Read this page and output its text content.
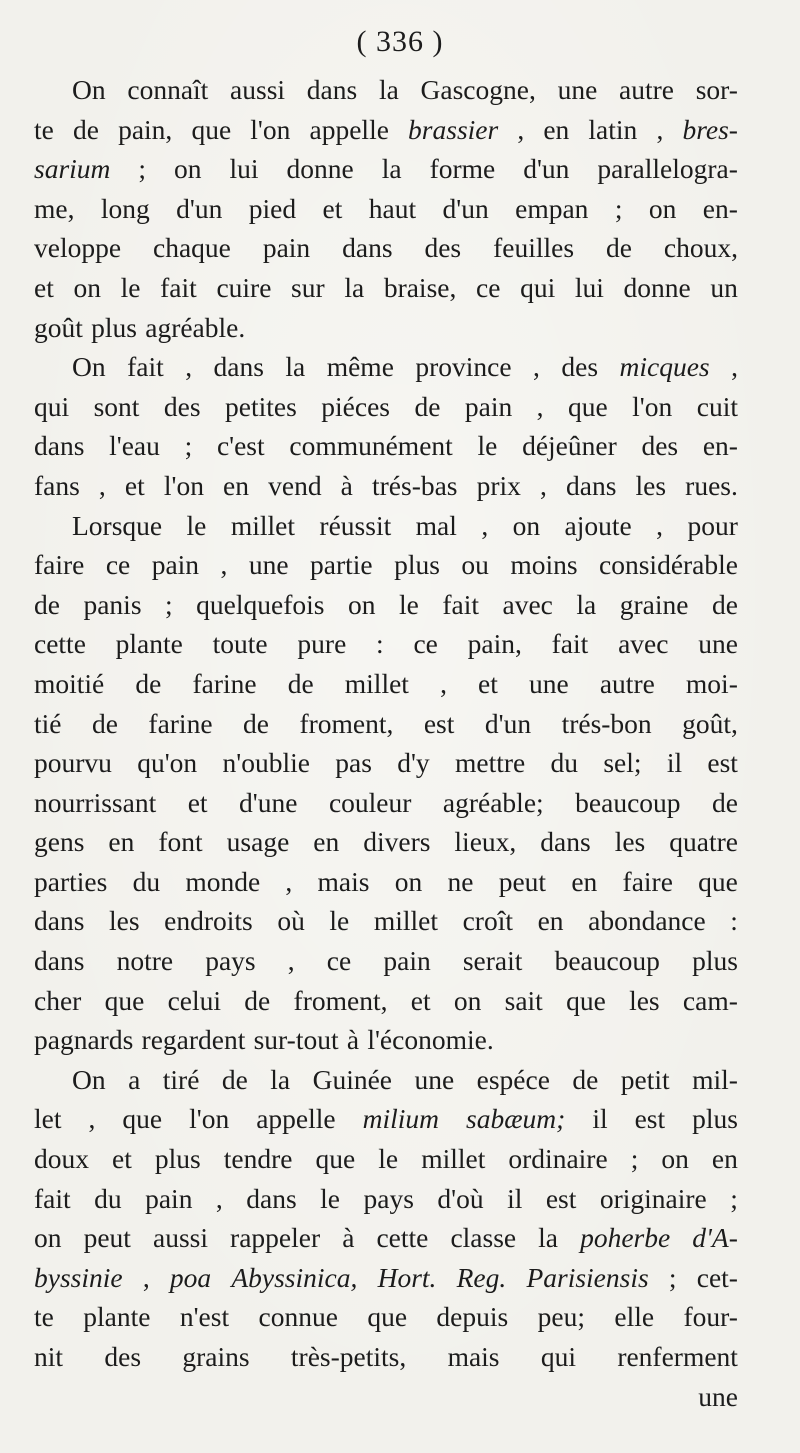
( 336 )
On connaît aussi dans la Gascogne, une autre sor-
te de pain, que l'on appelle brassier , en latin , bres-
sarium ; on lui donne la forme d'un parallelogra-
me, long d'un pied et haut d'un empan ; on en-
veloppe chaque pain dans des feuilles de choux,
et on le fait cuire sur la braise, ce qui lui donne un
goût plus agréable.
On fait , dans la même province , des micques ,
qui sont des petites piéces de pain , que l'on cuit
dans l'eau ; c'est communément le déjeûner des en-
fans , et l'on en vend à trés-bas prix , dans les rues.
Lorsque le millet réussit mal , on ajoute , pour
faire ce pain , une partie plus ou moins considérable
de panis ; quelquefois on le fait avec la graine de
cette plante toute pure : ce pain, fait avec une
moitié de farine de millet , et une autre moi-
tié de farine de froment, est d'un trés-bon goût,
pourvu qu'on n'oublie pas d'y mettre du sel; il est
nourrissant et d'une couleur agréable; beaucoup de
gens en font usage en divers lieux, dans les quatre
parties du monde , mais on ne peut en faire que
dans les endroits où le millet croît en abondance :
dans notre pays , ce pain serait beaucoup plus
cher que celui de froment, et on sait que les cam-
pagnards regardent sur-tout à l'économie.
On a tiré de la Guinée une espéce de petit mil-
let , que l'on appelle milium sabæum; il est plus
doux et plus tendre que le millet ordinaire ; on en
fait du pain , dans le pays d'où il est originaire ;
on peut aussi rappeler à cette classe la poherbe d'A-
byssinie , poa Abyssinica, Hort. Reg. Parisiensis ; cet-
te plante n'est connue que depuis peu; elle four-
nit des grains très-petits, mais qui renferment
une
